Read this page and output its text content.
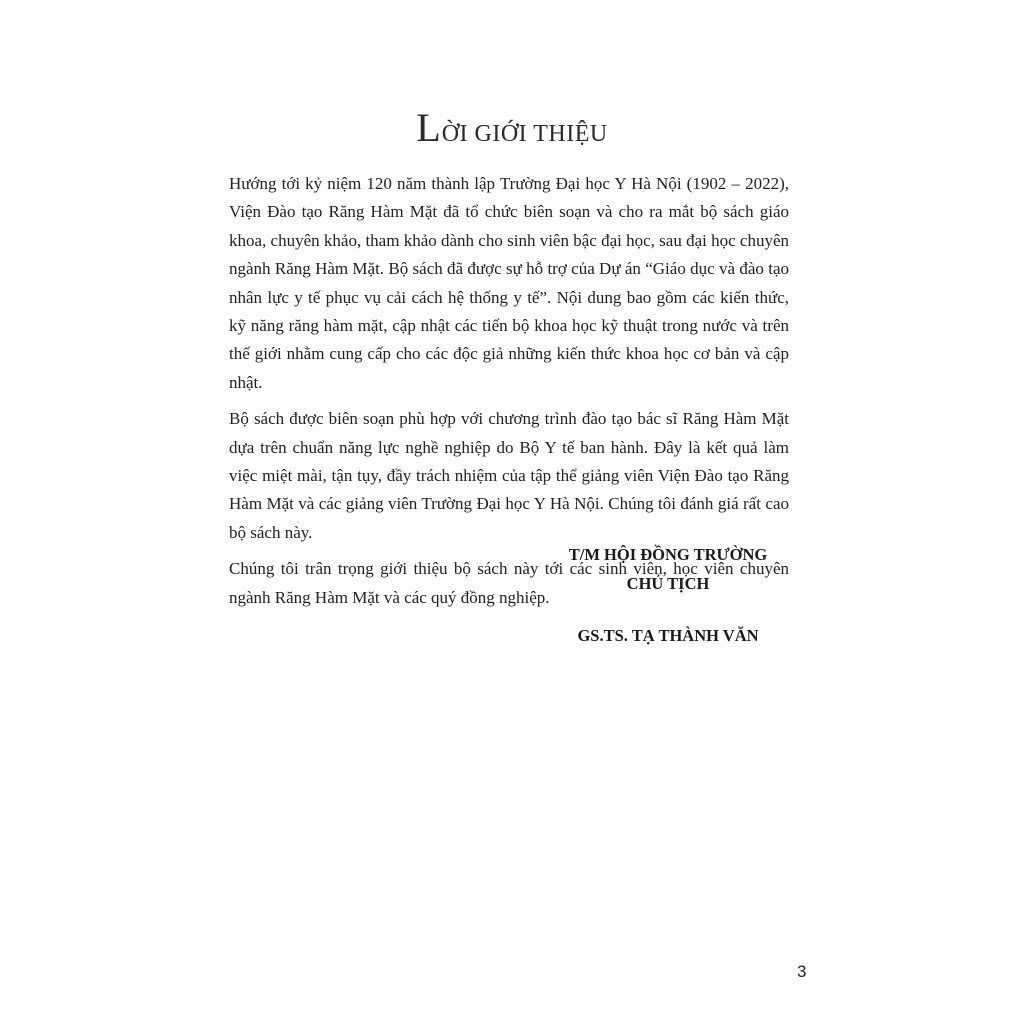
LỜI GIỚI THIỆU

Hướng tới kỷ niệm 120 năm thành lập Trường Đại học Y Hà Nội (1902 – 2022), Viện Đào tạo Răng Hàm Mặt đã tổ chức biên soạn và cho ra mắt bộ sách giáo khoa, chuyên khảo, tham khảo dành cho sinh viên bậc đại học, sau đại học chuyên ngành Răng Hàm Mặt. Bộ sách đã được sự hỗ trợ của Dự án “Giáo dục và đào tạo nhân lực y tế phục vụ cải cách hệ thống y tế”. Nội dung bao gồm các kiến thức, kỹ năng răng hàm mặt, cập nhật các tiến bộ khoa học kỹ thuật trong nước và trên thế giới nhằm cung cấp cho các độc giả những kiến thức khoa học cơ bản và cập nhật.

Bộ sách được biên soạn phù hợp với chương trình đào tạo bác sĩ Răng Hàm Mặt dựa trên chuẩn năng lực nghề nghiệp do Bộ Y tế ban hành. Đây là kết quả làm việc miệt mài, tận tụy, đầy trách nhiệm của tập thể giảng viên Viện Đào tạo Răng Hàm Mặt và các giảng viên Trường Đại học Y Hà Nội. Chúng tôi đánh giá rất cao bộ sách này.

Chúng tôi trân trọng giới thiệu bộ sách này tới các sinh viên, học viên chuyên ngành Răng Hàm Mặt và các quý đồng nghiệp.

T/M HỘI ĐỒNG TRƯỜNG
CHỦ TỊCH
GS.TS. TẠ THÀNH VĂN
3
